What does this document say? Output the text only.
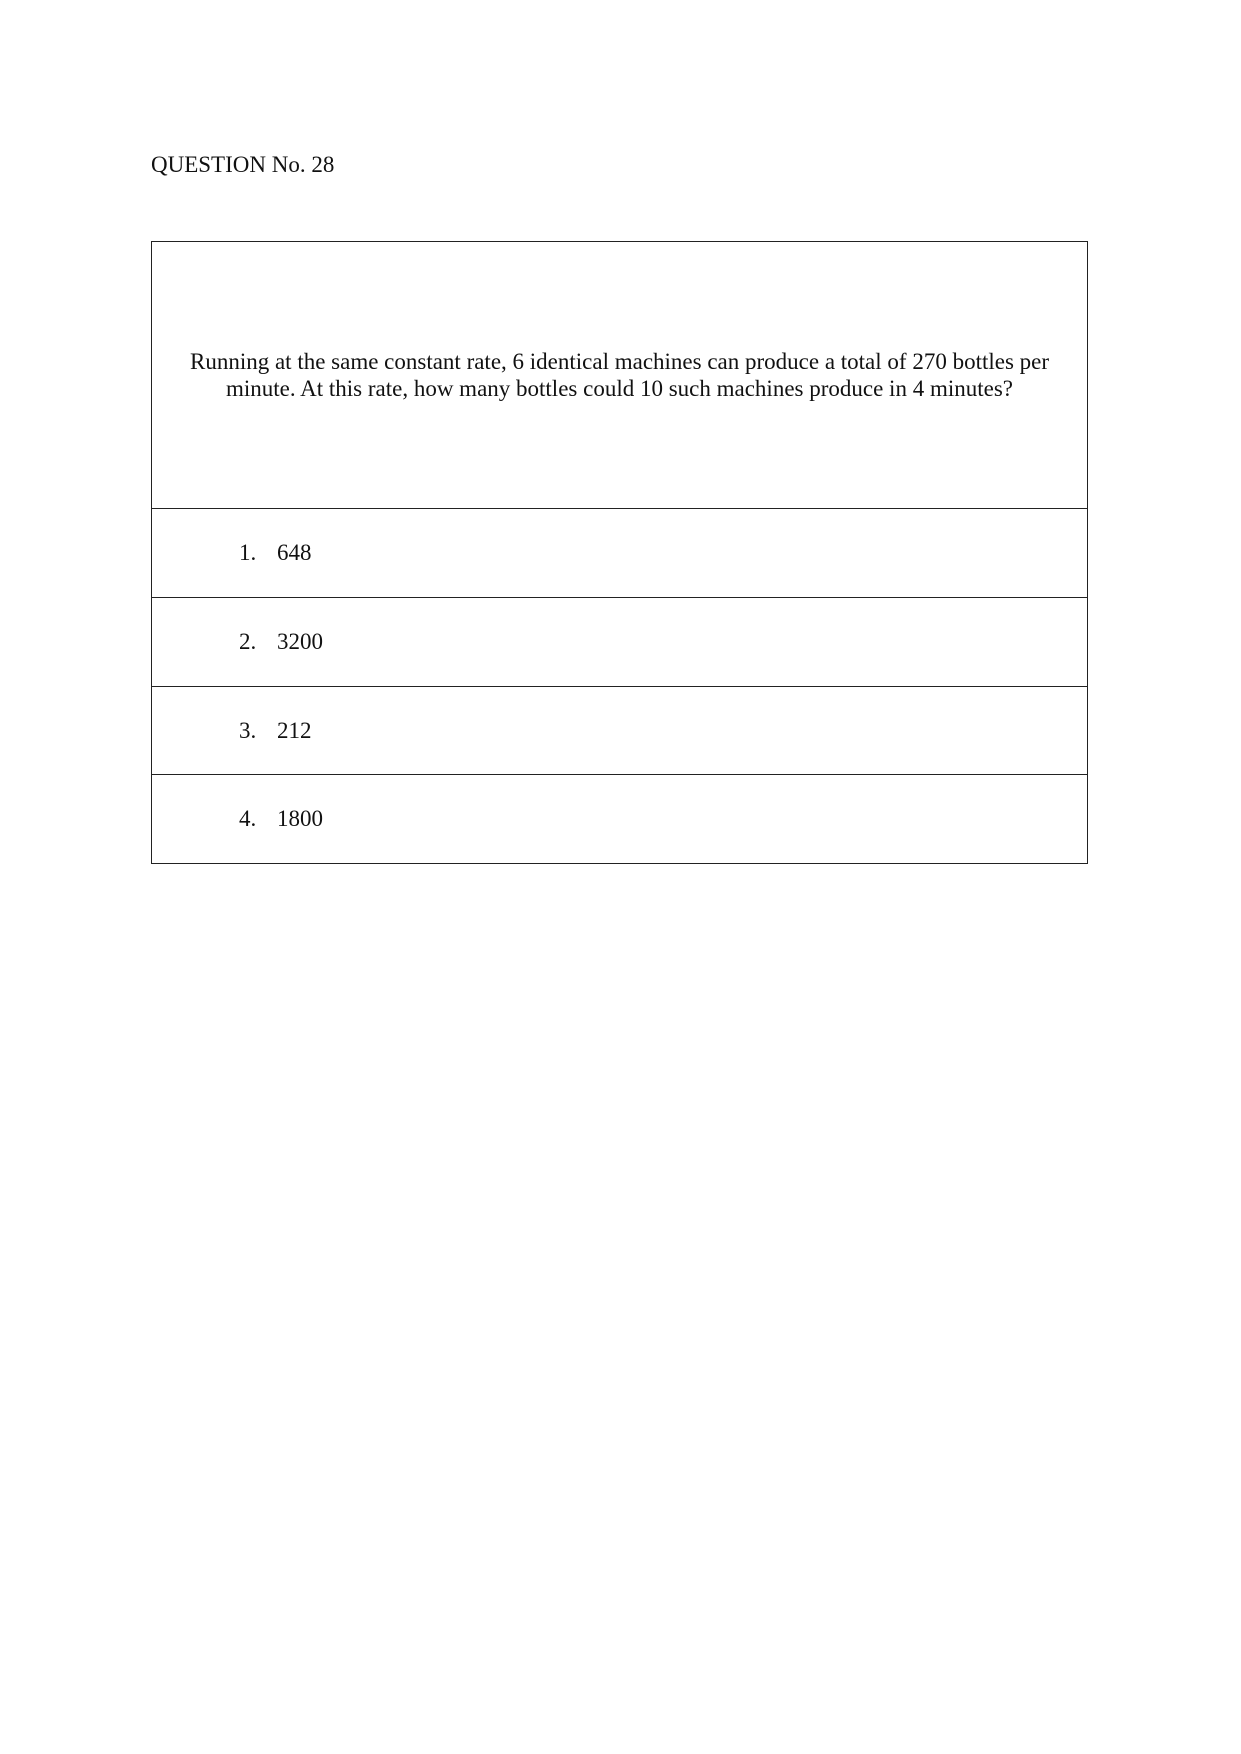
QUESTION No. 28
Running at the same constant rate, 6 identical machines can produce a total of 270 bottles per minute. At this rate, how many bottles could 10 such machines produce in 4 minutes?

1. 648

2. 3200

3. 212

4. 1800
